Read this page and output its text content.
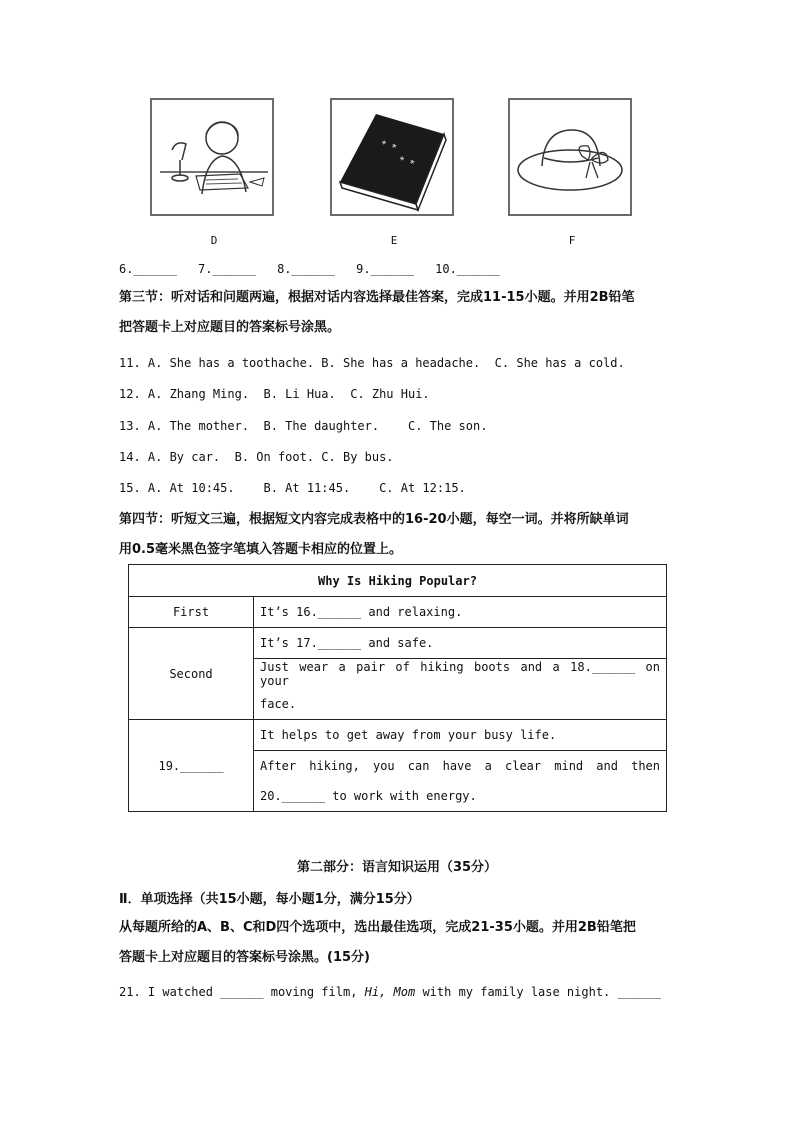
D
* *
* *
E	F
6.______ 7.______ 8.______ 9.______ 10.______
第三节：听对话和问题两遍，根据对话内容选择最佳答案，完成11-15小题。并用2B铅笔
把答题卡上对应题目的答案标号涂黑。
11. A. She has a toothache. B. She has a headache.  C. She has a cold.
12. A. Zhang Ming.  B. Li Hua.  C. Zhu Hui.
13. A. The mother.  B. The daughter.    C. The son.
14. A. By car.  B. On foot. C. By bus.
15. A. At 10:45.    B. At 11:45.    C. At 12:15.
第四节：听短文三遍，根据短文内容完成表格中的16-20小题，每空一词。并将所缺单词
用0.5毫米黑色签字笔填入答题卡相应的位置上。
Why Is Hiking Popular?	
First	It’s 16.______ and relaxing.
Second	It’s 17.______ and safe.
	Just wear a pair of hiking boots and a 18.______ on your
	face.
19.______	It helps to get away from your busy life.
	After hiking, you can have a clear mind and then
	20.______ to work with energy.
第二部分：语言知识运用（35分）
Ⅱ．单项选择（共15小题，每小题1分，满分15分）
从每题所给的A、B、C和D四个选项中，选出最佳选项，完成21-35小题。并用2B铅笔把
答题卡上对应题目的答案标号涂黑。(15分)
21. I watched ______ moving film, Hi, Mom with my family lase night. ______
